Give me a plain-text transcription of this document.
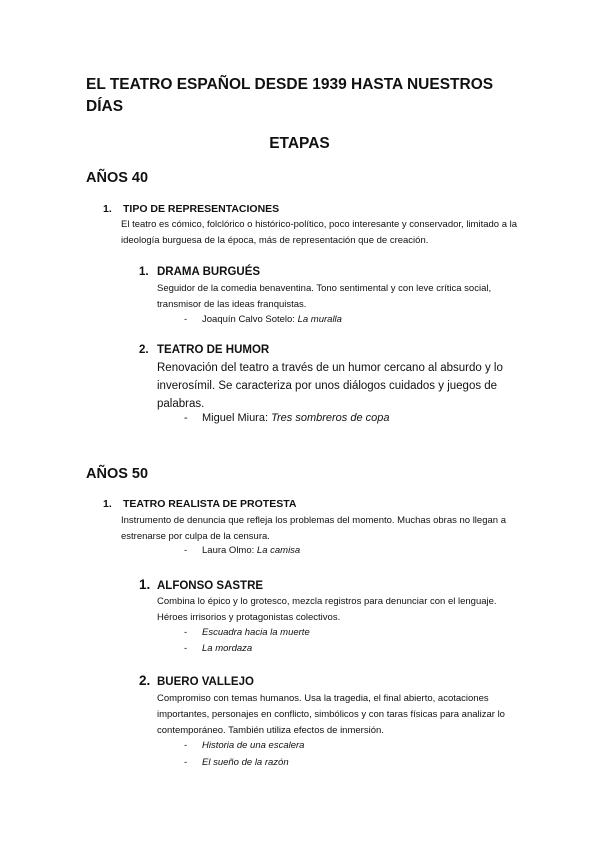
EL TEATRO ESPAÑOL DESDE 1939 HASTA NUESTROS DÍAS
ETAPAS
AÑOS 40
1. TIPO DE REPRESENTACIONES

El teatro es cómico, folclórico o histórico-político, poco interesante y conservador, limitado a la ideología burguesa de la época, más de representación que de creación.

1. DRAMA BURGUÉS

Seguidor de la comedia benaventina. Tono sentimental y con leve crítica social, transmisor de las ideas franquistas.

- Joaquín Calvo Sotelo: La muralla
2. TEATRO DE HUMOR

Renovación del teatro a través de un humor cercano al absurdo y lo inverosímil. Se caracteriza por unos diálogos cuidados y juegos de palabras.

- Miguel Miura: Tres sombreros de copa
AÑOS 50
1. TEATRO REALISTA DE PROTESTA

Instrumento de denuncia que refleja los problemas del momento. Muchas obras no llegan a estrenarse por culpa de la censura.

- Laura Olmo: La camisa
1. ALFONSO SASTRE

Combina lo épico y lo grotesco, mezcla registros para denunciar con el lenguaje. Héroes irrisorios y protagonistas colectivos.

- Escuadra hacia la muerte
- La mordaza
2. BUERO VALLEJO

Compromiso con temas humanos. Usa la tragedia, el final abierto, acotaciones importantes, personajes en conflicto, simbólicos y con taras físicas para analizar lo contemporáneo. También utiliza efectos de inmersión.

- Historia de una escalera
- El sueño de la razón
